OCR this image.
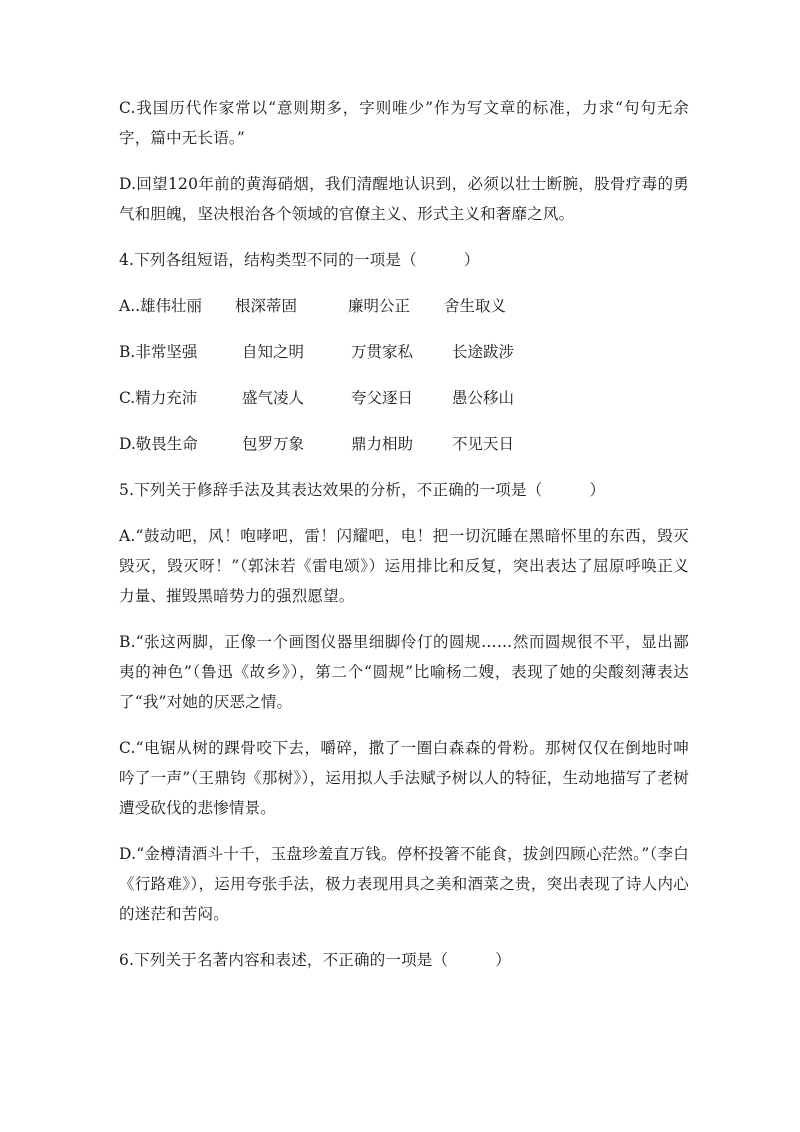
C.我国历代作家常以“意则期多，字则唯少”作为写文章的标准，力求“句句无余字，篇中无长语。”

D.回望120年前的黄海硝烟，我们清醒地认识到，必须以壮士断腕，股骨疗毒的勇气和胆魄，坚决根治各个领域的官僚主义、形式主义和奢靡之风。

4.下列各组短语，结构类型不同的一项是（　　　）

A..雄伟壮丽 根深蒂固	廉明公正 舍生取义
B.非常坚强	自知之明	万贯家私	长途跋涉
C.精力充沛	盛气凌人	夸父逐日	愚公移山
D.敬畏生命	包罗万象	鼎力相助	不见天日

5.下列关于修辞手法及其表达效果的分析，不正确的一项是（　　　）

A.“鼓动吧，风！咆哮吧，雷！闪耀吧，电！把一切沉睡在黑暗怀里的东西，毁灭毁灭，毁灭呀！”（郭沫若《雷电颂》）运用排比和反复，突出表达了屈原呼唤正义力量、摧毁黑暗势力的强烈愿望。

B.“张这两脚，正像一个画图仪器里细脚伶仃的圆规……然而圆规很不平，显出鄙夷的神色”（鲁迅《故乡》），第二个“圆规”比喻杨二嫂，表现了她的尖酸刻薄表达了“我”对她的厌恶之情。

C.“电锯从树的踝骨咬下去，嚼碎，撒了一圈白森森的骨粉。那树仅仅在倒地时呻吟了一声”（王鼎钧《那树》），运用拟人手法赋予树以人的特征，生动地描写了老树遭受砍伐的悲惨情景。

D.“金樽清酒斗十千，玉盘珍羞直万钱。停杯投箸不能食，拔剑四顾心茫然。”（李白《行路难》），运用夸张手法，极力表现用具之美和酒菜之贵，突出表现了诗人内心的迷茫和苦闷。

6.下列关于名著内容和表述，不正确的一项是（　　　）
